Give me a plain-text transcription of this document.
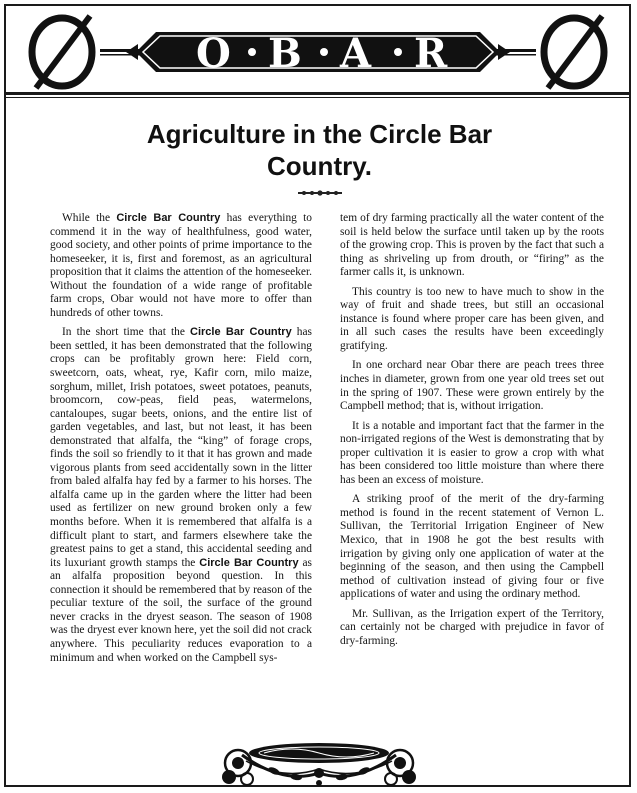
O B A R
Agriculture in the Circle Bar
Country.

While the Circle Bar Country has everything to commend it in the way of healthfulness, good water, good society, and other points of prime importance to the homeseeker, it is, first and foremost, as an agricultural proposition that it claims the attention of the homeseeker. Without the foundation of a wide range of profitable farm crops, Obar would not have more to offer than hundreds of other towns.

In the short time that the Circle Bar Country has been settled, it has been demonstrated that the following crops can be profitably grown here: Field corn, sweetcorn, oats, wheat, rye, Kafir corn, milo maize, sorghum, millet, Irish potatoes, sweet potatoes, peanuts, broomcorn, cow-peas, field peas, watermelons, cantaloupes, sugar beets, onions, and the entire list of garden vegetables, and last, but not least, it has been demonstrated that alfalfa, the “king” of forage crops, finds the soil so friendly to it that it has grown and made vigorous plants from seed accidentally sown in the litter from baled alfalfa hay fed by a farmer to his horses. The alfalfa came up in the garden where the litter had been used as fertilizer on new ground broken only a few months before. When it is remembered that alfalfa is a difficult plant to start, and farmers elsewhere take the greatest pains to get a stand, this accidental seeding and its luxuriant growth stamps the Circle Bar Country as an alfalfa proposition beyond question. In this connection it should be remembered that by reason of the peculiar texture of the soil, the surface of the ground never cracks in the dryest season. The season of 1908 was the dryest ever known here, yet the soil did not crack anywhere. This peculiarity reduces evaporation to a minimum and when worked on the Campbell sys-

tem of dry farming practically all the water content of the soil is held below the surface until taken up by the roots of the growing crop. This is proven by the fact that such a thing as shriveling up from drouth, or “firing” as the farmer calls it, is unknown.

This country is too new to have much to show in the way of fruit and shade trees, but still an occasional instance is found where proper care has been given, and in all such cases the results have been exceedingly gratifying.

In one orchard near Obar there are peach trees three inches in diameter, grown from one year old trees set out in the spring of 1907. These were grown entirely by the Campbell method; that is, without irrigation.

It is a notable and important fact that the farmer in the non-irrigated regions of the West is demonstrating that by proper cultivation it is easier to grow a crop with what has been considered too little moisture than where there has been an excess of moisture.

A striking proof of the merit of the dry-farming method is found in the recent statement of Vernon L. Sullivan, the Territorial Irrigation Engineer of New Mexico, that in 1908 he got the best results with irrigation by giving only one application of water at the beginning of the season, and then using the Campbell method of cultivation instead of giving four or five applications of water and using the ordinary method.

Mr. Sullivan, as the Irrigation expert of the Territory, can certainly not be charged with prejudice in favor of dry-farming.
